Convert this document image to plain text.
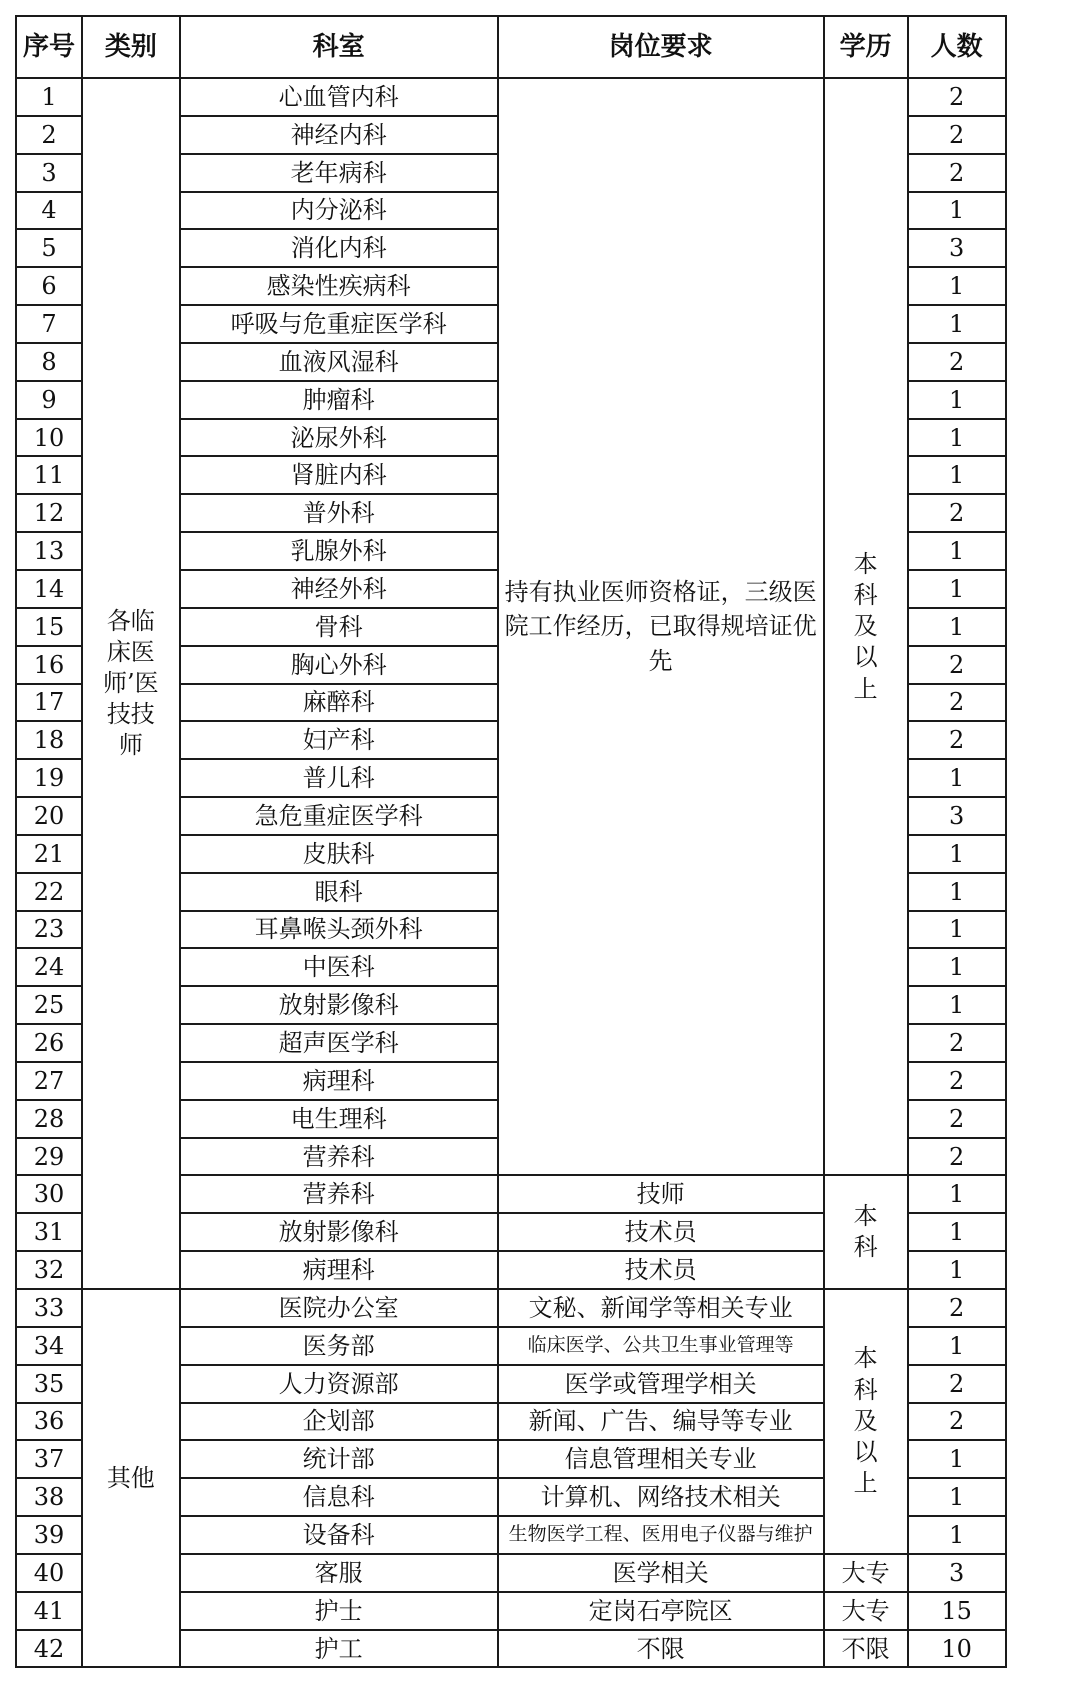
序号	类别	科室	岗位要求	学历	人数
1	各临床医师’医技技师	心血管内科	持有执业医师资格证，三级医院工作经历，已取得规培证优先	本科及以上	2
2		神经内科			2
3		老年病科			2
4		内分泌科			1
5		消化内科			3
6		感染性疾病科			1
7		呼吸与危重症医学科			1
8		血液风湿科			2
9		肿瘤科			1
10		泌尿外科			1
11		肾脏内科			1
12		普外科			2
13		乳腺外科			1
14		神经外科			1
15		骨科			1
16		胸心外科			2
17		麻醉科			2
18		妇产科			2
19		普儿科			1
20		急危重症医学科			3
21		皮肤科			1
22		眼科			1
23		耳鼻喉头颈外科			1
24		中医科			1
25		放射影像科			1
26		超声医学科			2
27		病理科			2
28		电生理科			2
29		营养科			2
30		营养科	技师	本科	1
31		放射影像科	技术员		1
32		病理科	技术员		1
33	其他	医院办公室	文秘、新闻学等相关专业	本科及以上	2
34		医务部	临床医学、公共卫生事业管理等		1
35		人力资源部	医学或管理学相关		2
36		企划部	新闻、广告、编导等专业		2
37		统计部	信息管理相关专业		1
38		信息科	计算机、网络技术相关		1
39		设备科	生物医学工程、医用电子仪器与维护		1
40		客服	医学相关	大专	3
41		护士	定岗石亭院区	大专	15
42		护工	不限	不限	10
